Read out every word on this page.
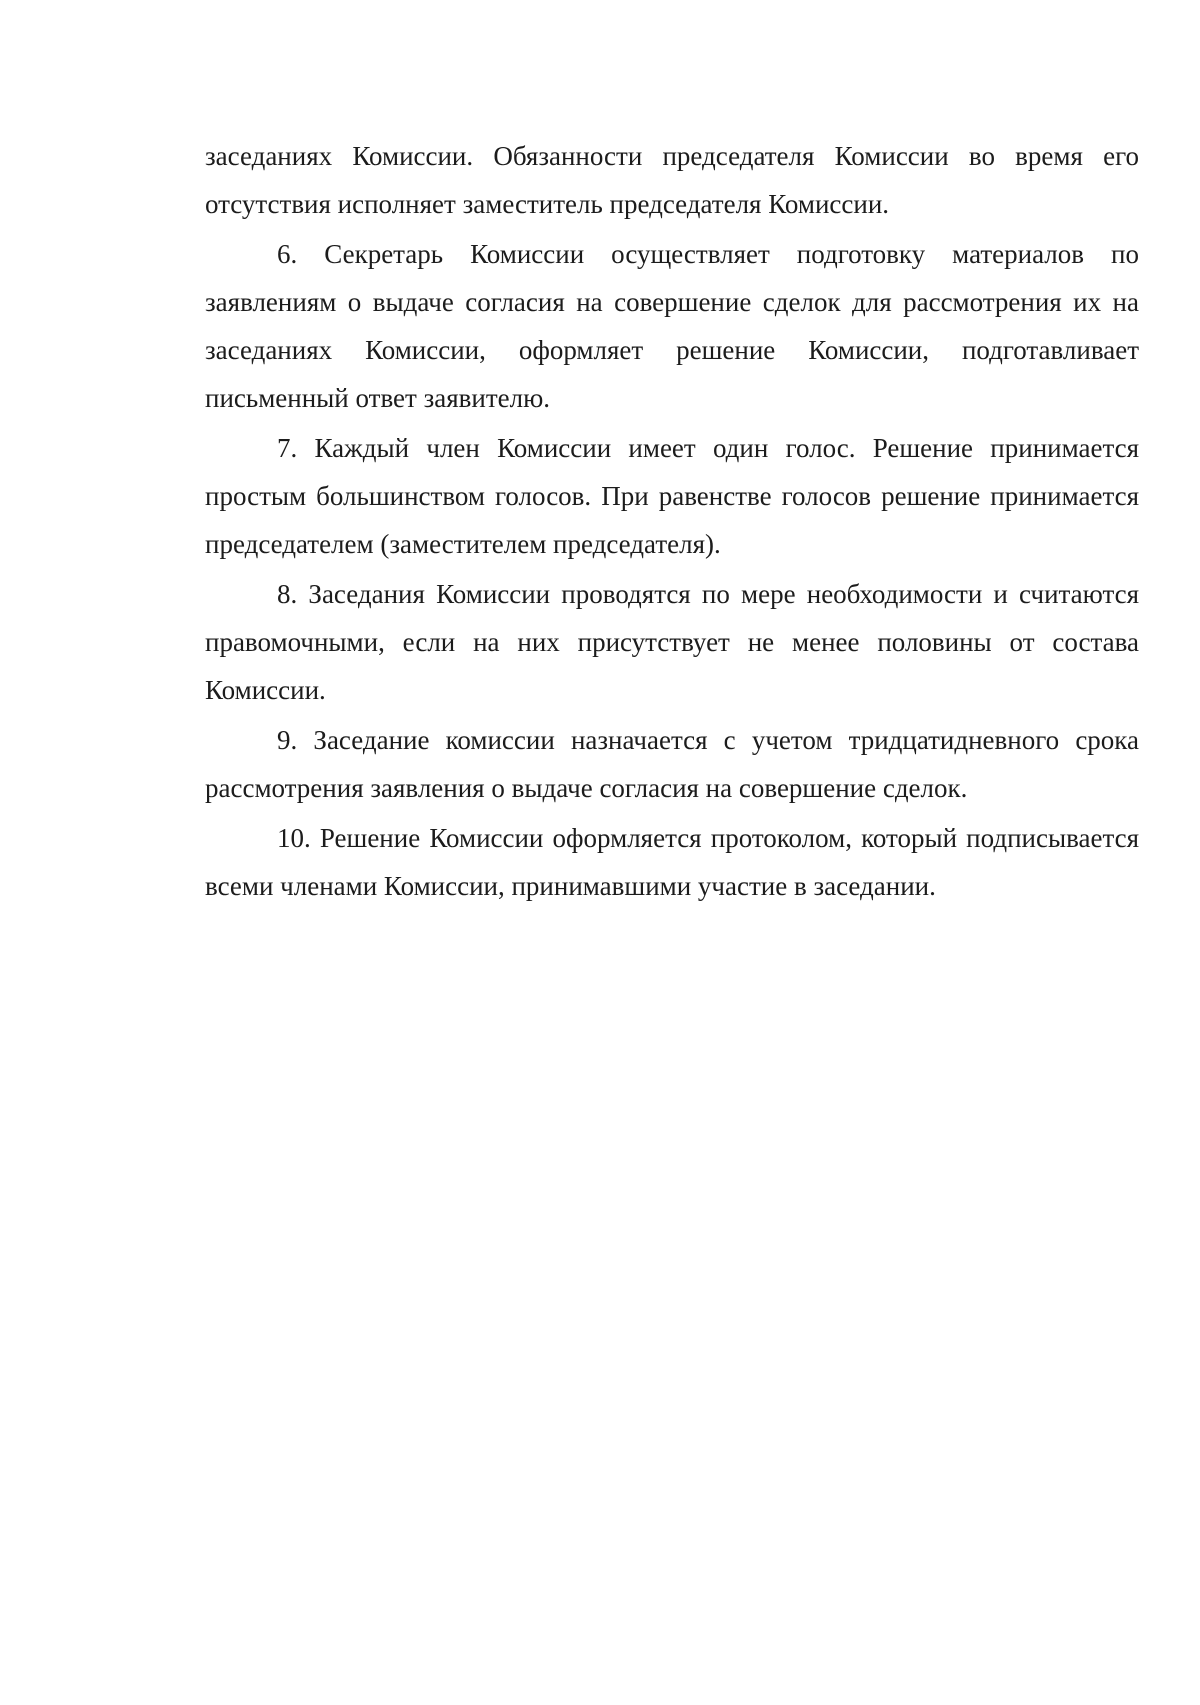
заседаниях Комиссии. Обязанности председателя Комиссии во время его отсутствия исполняет заместитель председателя Комиссии.

6. Секретарь Комиссии осуществляет подготовку материалов по заявлениям о выдаче согласия на совершение сделок для рассмотрения их на заседаниях Комиссии, оформляет решение Комиссии, подготавливает письменный ответ заявителю.

7. Каждый член Комиссии имеет один голос. Решение принимается простым большинством голосов. При равенстве голосов решение принимается председателем (заместителем председателя).

8. Заседания Комиссии проводятся по мере необходимости и считаются правомочными, если на них присутствует не менее половины от состава Комиссии.

9. Заседание комиссии назначается с учетом тридцатидневного срока рассмотрения заявления о выдаче согласия на совершение сделок.

10. Решение Комиссии оформляется протоколом, который подписывается всеми членами Комиссии, принимавшими участие в заседании.
